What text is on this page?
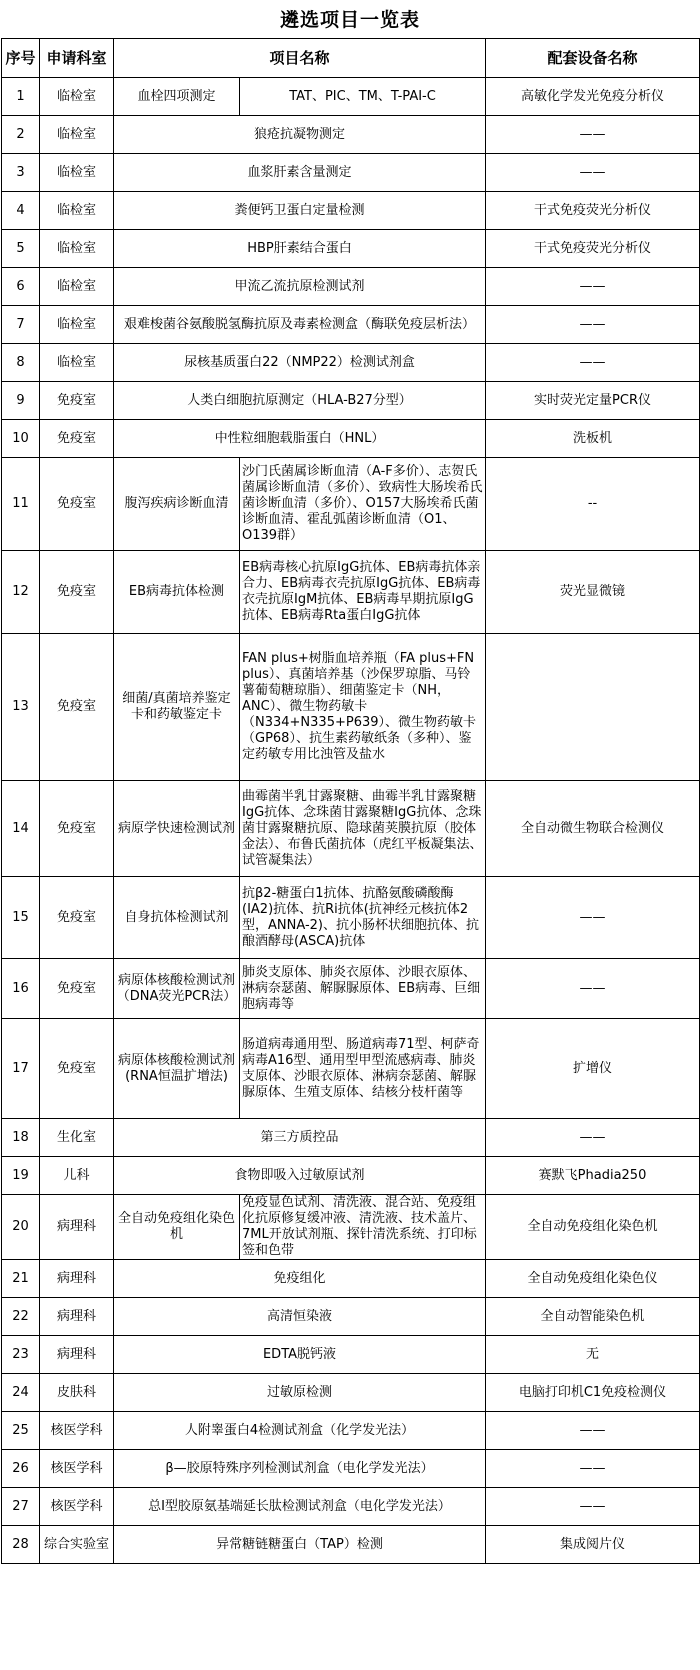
遴选项目一览表
序号	申请科室	项目名称		配套设备名称
1	临检室	血栓四项测定	TAT、PIC、TM、T-PAI-C	高敏化学发光免疫分析仪
2	临检室	狼疮抗凝物测定		——
3	临检室	血浆肝素含量测定		——
4	临检室	粪便钙卫蛋白定量检测		干式免疫荧光分析仪
5	临检室	HBP肝素结合蛋白		干式免疫荧光分析仪
6	临检室	甲流乙流抗原检测试剂		——
7	临检室	艰难梭菌谷氨酸脱氢酶抗原及毒素检测盒（酶联免疫层析法）		——
8	临检室	尿核基质蛋白22（NMP22）检测试剂盒		——
9	免疫室	人类白细胞抗原测定（HLA-B27分型）		实时荧光定量PCR仪
10	免疫室	中性粒细胞载脂蛋白（HNL）		洗板机
11	免疫室	腹泻疾病诊断血清	沙门氏菌属诊断血清（A-F多价）、志贺氏菌属诊断血清（多价）、致病性大肠埃希氏菌诊断血清（多价）、O157大肠埃希氏菌诊断血清、霍乱弧菌诊断血清（O1、O139群）	--
12	免疫室	EB病毒抗体检测	EB病毒核心抗原IgG抗体、EB病毒抗体亲合力、EB病毒衣壳抗原IgG抗体、EB病毒衣壳抗原IgM抗体、EB病毒早期抗原IgG抗体、EB病毒Rta蛋白IgG抗体	荧光显微镜
13	免疫室	细菌/真菌培养鉴定卡和药敏鉴定卡	FAN plus+树脂血培养瓶（FA plus+FN plus）、真菌培养基（沙保罗琼脂、马铃薯葡萄糖琼脂）、细菌鉴定卡（NH，ANC）、微生物药敏卡（N334+N335+P639）、微生物药敏卡（GP68）、抗生素药敏纸条（多种）、鉴定药敏专用比浊管及盐水	
14	免疫室	病原学快速检测试剂	曲霉菌半乳甘露聚糖、曲霉半乳甘露聚糖IgG抗体、念珠菌甘露聚糖IgG抗体、念珠菌甘露聚糖抗原、隐球菌荚膜抗原（胶体金法）、布鲁氏菌抗体（虎红平板凝集法、试管凝集法）	全自动微生物联合检测仪
15	免疫室	自身抗体检测试剂	抗β2-糖蛋白1抗体、抗酪氨酸磷酸酶(IA2)抗体、抗Ri抗体(抗神经元核抗体2型，ANNA-2)、抗小肠杯状细胞抗体、抗酿酒酵母(ASCA)抗体	——
16	免疫室	病原体核酸检测试剂（DNA荧光PCR法）	肺炎支原体、肺炎衣原体、沙眼衣原体、淋病奈瑟菌、解脲脲原体、EB病毒、巨细胞病毒等	——
17	免疫室	病原体核酸检测试剂(RNA恒温扩增法)	肠道病毒通用型、肠道病毒71型、柯萨奇病毒A16型、通用型甲型流感病毒、肺炎支原体、沙眼衣原体、淋病奈瑟菌、解脲脲原体、生殖支原体、结核分枝杆菌等	扩增仪
18	生化室	第三方质控品		——
19	儿科	食物即吸入过敏原试剂		赛默飞Phadia250
20	病理科	全自动免疫组化染色机	免疫显色试剂、清洗液、混合站、免疫组化抗原修复缓冲液、清洗液、技术盖片、7ML开放试剂瓶、探针清洗系统、打印标签和色带	全自动免疫组化染色机
21	病理科	免疫组化		全自动免疫组化染色仪
22	病理科	高清恒染液		全自动智能染色机
23	病理科	EDTA脱钙液		无
24	皮肤科	过敏原检测		电脑打印机C1免疫检测仪
25	核医学科	人附睾蛋白4检测试剂盒（化学发光法）		——
26	核医学科	β—胶原特殊序列检测试剂盒（电化学发光法）		——
27	核医学科	总Ⅰ型胶原氨基端延长肽检测试剂盒（电化学发光法）		——
28	综合实验室	异常糖链糖蛋白（TAP）检测		集成阅片仪
